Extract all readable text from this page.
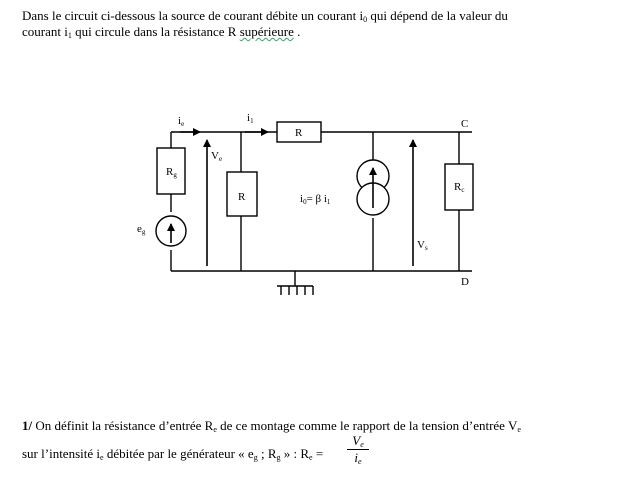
Dans le circuit ci-dessous la source de courant débite un courant $i_0$ qui dépend de la valeur du
courant $i_1$ qui circule dans la résistance R supérieure .
ie	i1	C
D
R
R
Rg
Rc
Ve
Vs
eg
i0= β i1
1/ On définit la résistance d’entrée $R_e$ de ce montage comme le rapport de la tension d’entrée $V_e$
sur l’intensité $i_e$ débitée par le générateur « $e_g$ ; $R_g$ » : $R_e$ =
$V_e$
$i_e$
